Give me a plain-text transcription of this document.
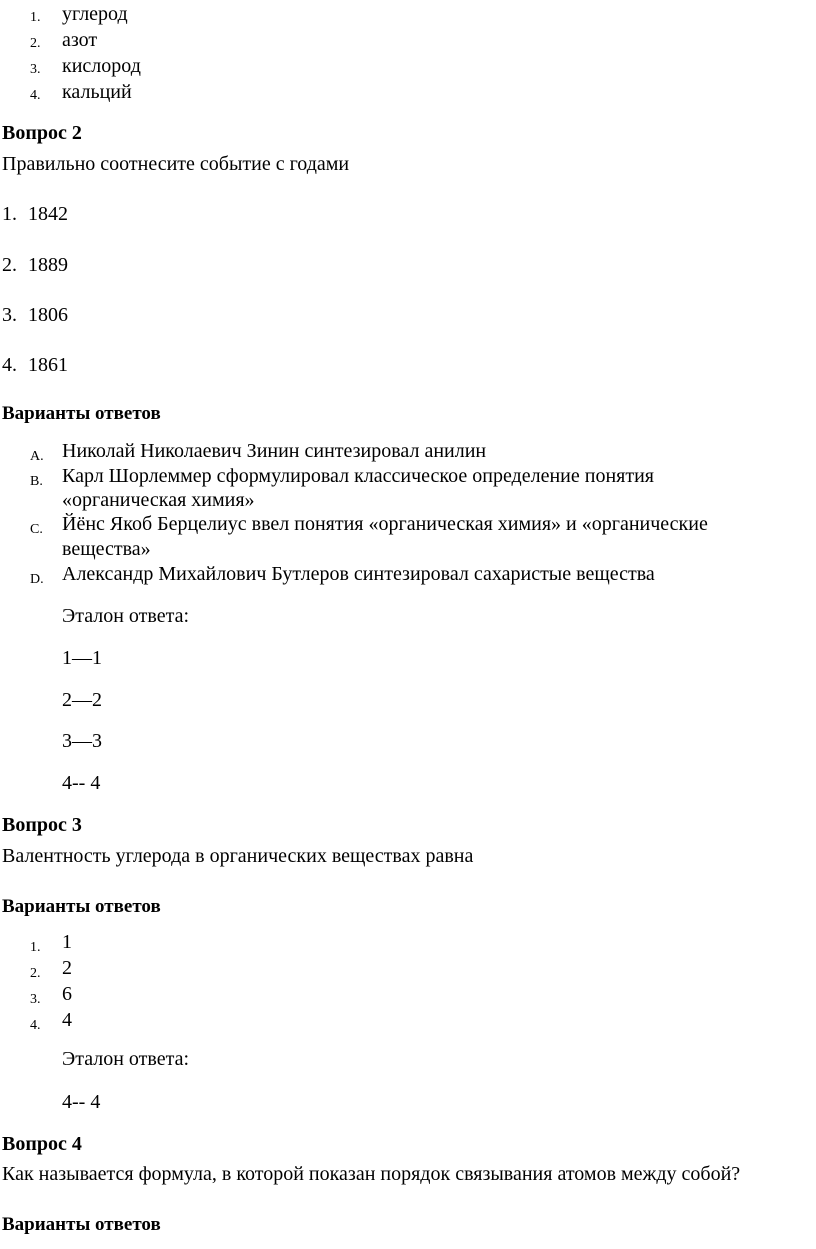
1. углерод
2. азот
3. кислород
4. кальций
Вопрос 2
Правильно соотнесите событие с годами
1. 1842
2. 1889
3. 1806
4. 1861
Варианты ответов
A. Николай Николаевич Зинин синтезировал анилин
B. Карл Шорлеммер сформулировал классическое определение понятия
«органическая химия»
C. Йёнс Якоб Берцелиус ввел понятия «органическая химия» и «органические
вещества»
D. Александр Михайлович Бутлеров синтезировал сахаристые вещества
Эталон ответа:
1—1
2—2
3—3
4-- 4
Вопрос 3
Валентность углерода в органических веществах равна
Варианты ответов
1. 1
2. 2
3. 6
4. 4
Эталон ответа:
4-- 4
Вопрос 4
Как называется формула, в которой показан порядок связывания атомов между собой?
Варианты ответов
